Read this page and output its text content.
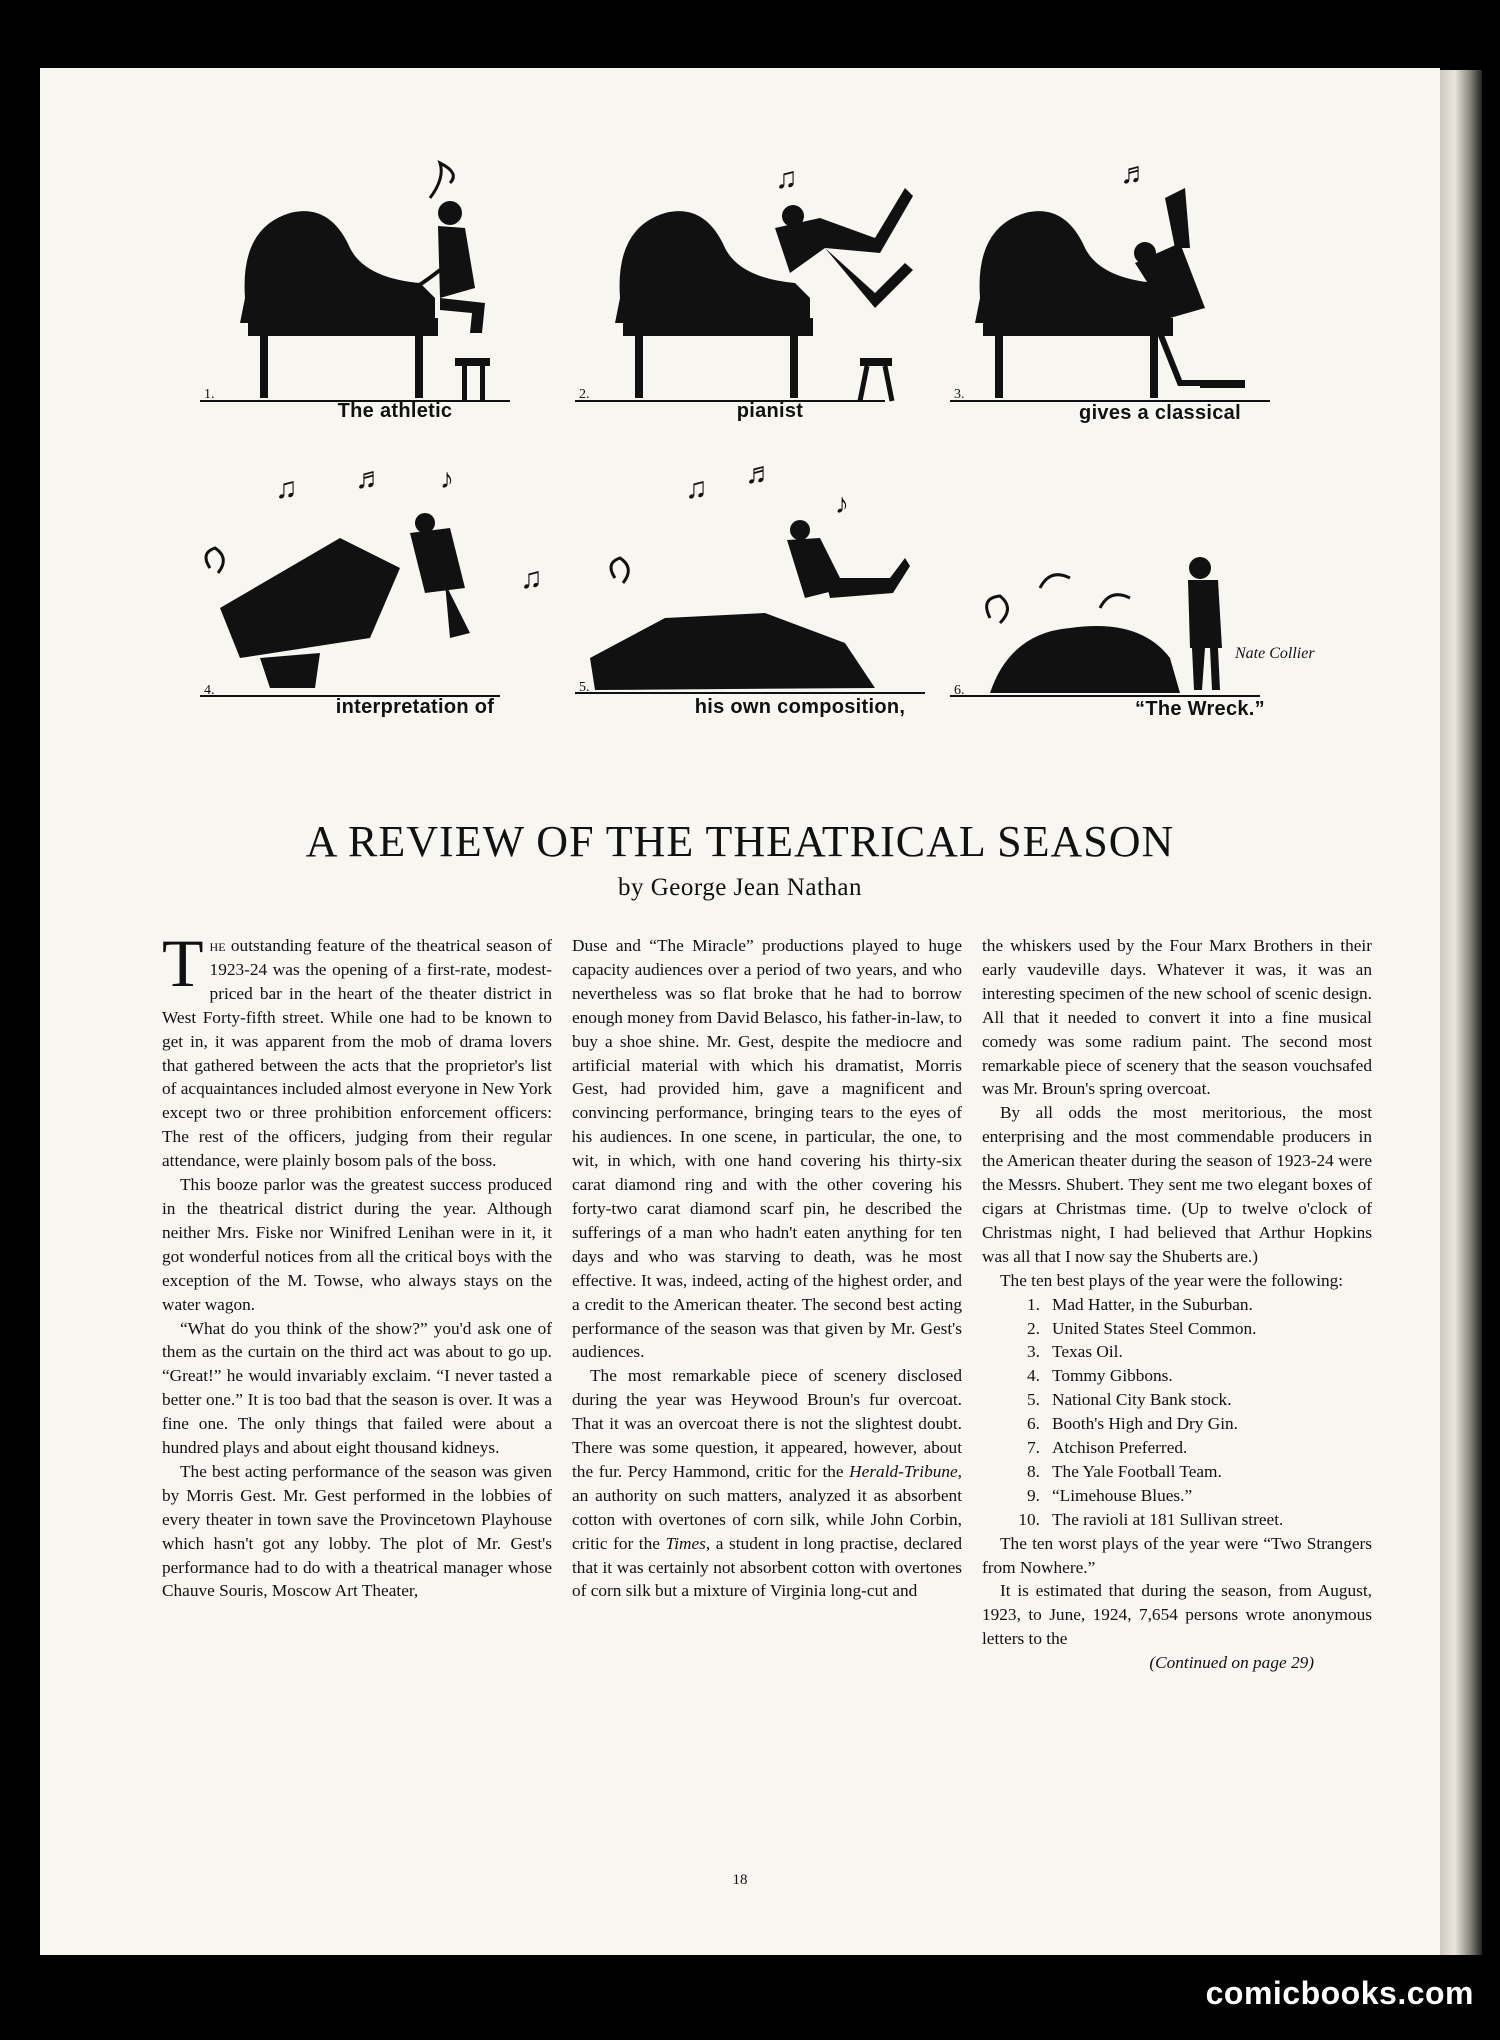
1.
♫
2.
♬
3.
The athletic	pianist	gives a classical
♫ ♬ ♪
♫
4.
♫ ♬
♪
5.
Nate Collier
6.
interpretation of	his own composition,	“The Wreck.”
A REVIEW OF THE THEATRICAL SEASON
by George Jean Nathan

The outstanding feature of the theatrical season of 1923-24 was the opening of a first-rate, modest-priced bar in the heart of the theater district in West Forty-fifth street. While one had to be known to get in, it was apparent from the mob of drama lovers that gathered between the acts that the proprietor's list of acquaintances included almost everyone in New York except two or three prohibition enforcement officers: The rest of the officers, judging from their regular attendance, were plainly bosom pals of the boss.

This booze parlor was the greatest success produced in the theatrical district during the year. Although neither Mrs. Fiske nor Winifred Lenihan were in it, it got wonderful notices from all the critical boys with the exception of the M. Towse, who always stays on the water wagon.

“What do you think of the show?” you'd ask one of them as the curtain on the third act was about to go up. “Great!” he would invariably exclaim. “I never tasted a better one.” It is too bad that the season is over. It was a fine one. The only things that failed were about a hundred plays and about eight thousand kidneys.

The best acting performance of the season was given by Morris Gest. Mr. Gest performed in the lobbies of every theater in town save the Provincetown Playhouse which hasn't got any lobby. The plot of Mr. Gest's performance had to do with a theatrical manager whose Chauve Souris, Moscow Art Theater,

Duse and “The Miracle” productions played to huge capacity audiences over a period of two years, and who nevertheless was so flat broke that he had to borrow enough money from David Belasco, his father-in-law, to buy a shoe shine. Mr. Gest, despite the mediocre and artificial material with which his dramatist, Morris Gest, had provided him, gave a magnificent and convincing performance, bringing tears to the eyes of his audiences. In one scene, in particular, the one, to wit, in which, with one hand covering his thirty-six carat diamond ring and with the other covering his forty-two carat diamond scarf pin, he described the sufferings of a man who hadn't eaten anything for ten days and who was starving to death, was he most effective. It was, indeed, acting of the highest order, and a credit to the American theater. The second best acting performance of the season was that given by Mr. Gest's audiences.

The most remarkable piece of scenery disclosed during the year was Heywood Broun's fur overcoat. That it was an overcoat there is not the slightest doubt. There was some question, it appeared, however, about the fur. Percy Hammond, critic for the Herald-Tribune, an authority on such matters, analyzed it as absorbent cotton with overtones of corn silk, while John Corbin, critic for the Times, a student in long practise, declared that it was certainly not absorbent cotton with overtones of corn silk but a mixture of Virginia long-cut and

the whiskers used by the Four Marx Brothers in their early vaudeville days. Whatever it was, it was an interesting specimen of the new school of scenic design. All that it needed to convert it into a fine musical comedy was some radium paint. The second most remarkable piece of scenery that the season vouchsafed was Mr. Broun's spring overcoat.

By all odds the most meritorious, the most enterprising and the most commendable producers in the American theater during the season of 1923-24 were the Messrs. Shubert. They sent me two elegant boxes of cigars at Christmas time. (Up to twelve o'clock of Christmas night, I had believed that Arthur Hopkins was all that I now say the Shuberts are.)

The ten best plays of the year were the following:

1. Mad Hatter, in the Suburban.
2. United States Steel Common.
3. Texas Oil.
4. Tommy Gibbons.
5. National City Bank stock.
6. Booth's High and Dry Gin.
7. Atchison Preferred.
8. The Yale Football Team.
9. “Limehouse Blues.”
10. The ravioli at 181 Sullivan street.

The ten worst plays of the year were “Two Strangers from Nowhere.”

It is estimated that during the season, from August, 1923, to June, 1924, 7,654 persons wrote anonymous letters to the

(Continued on page 29)

18
comicbooks.com
